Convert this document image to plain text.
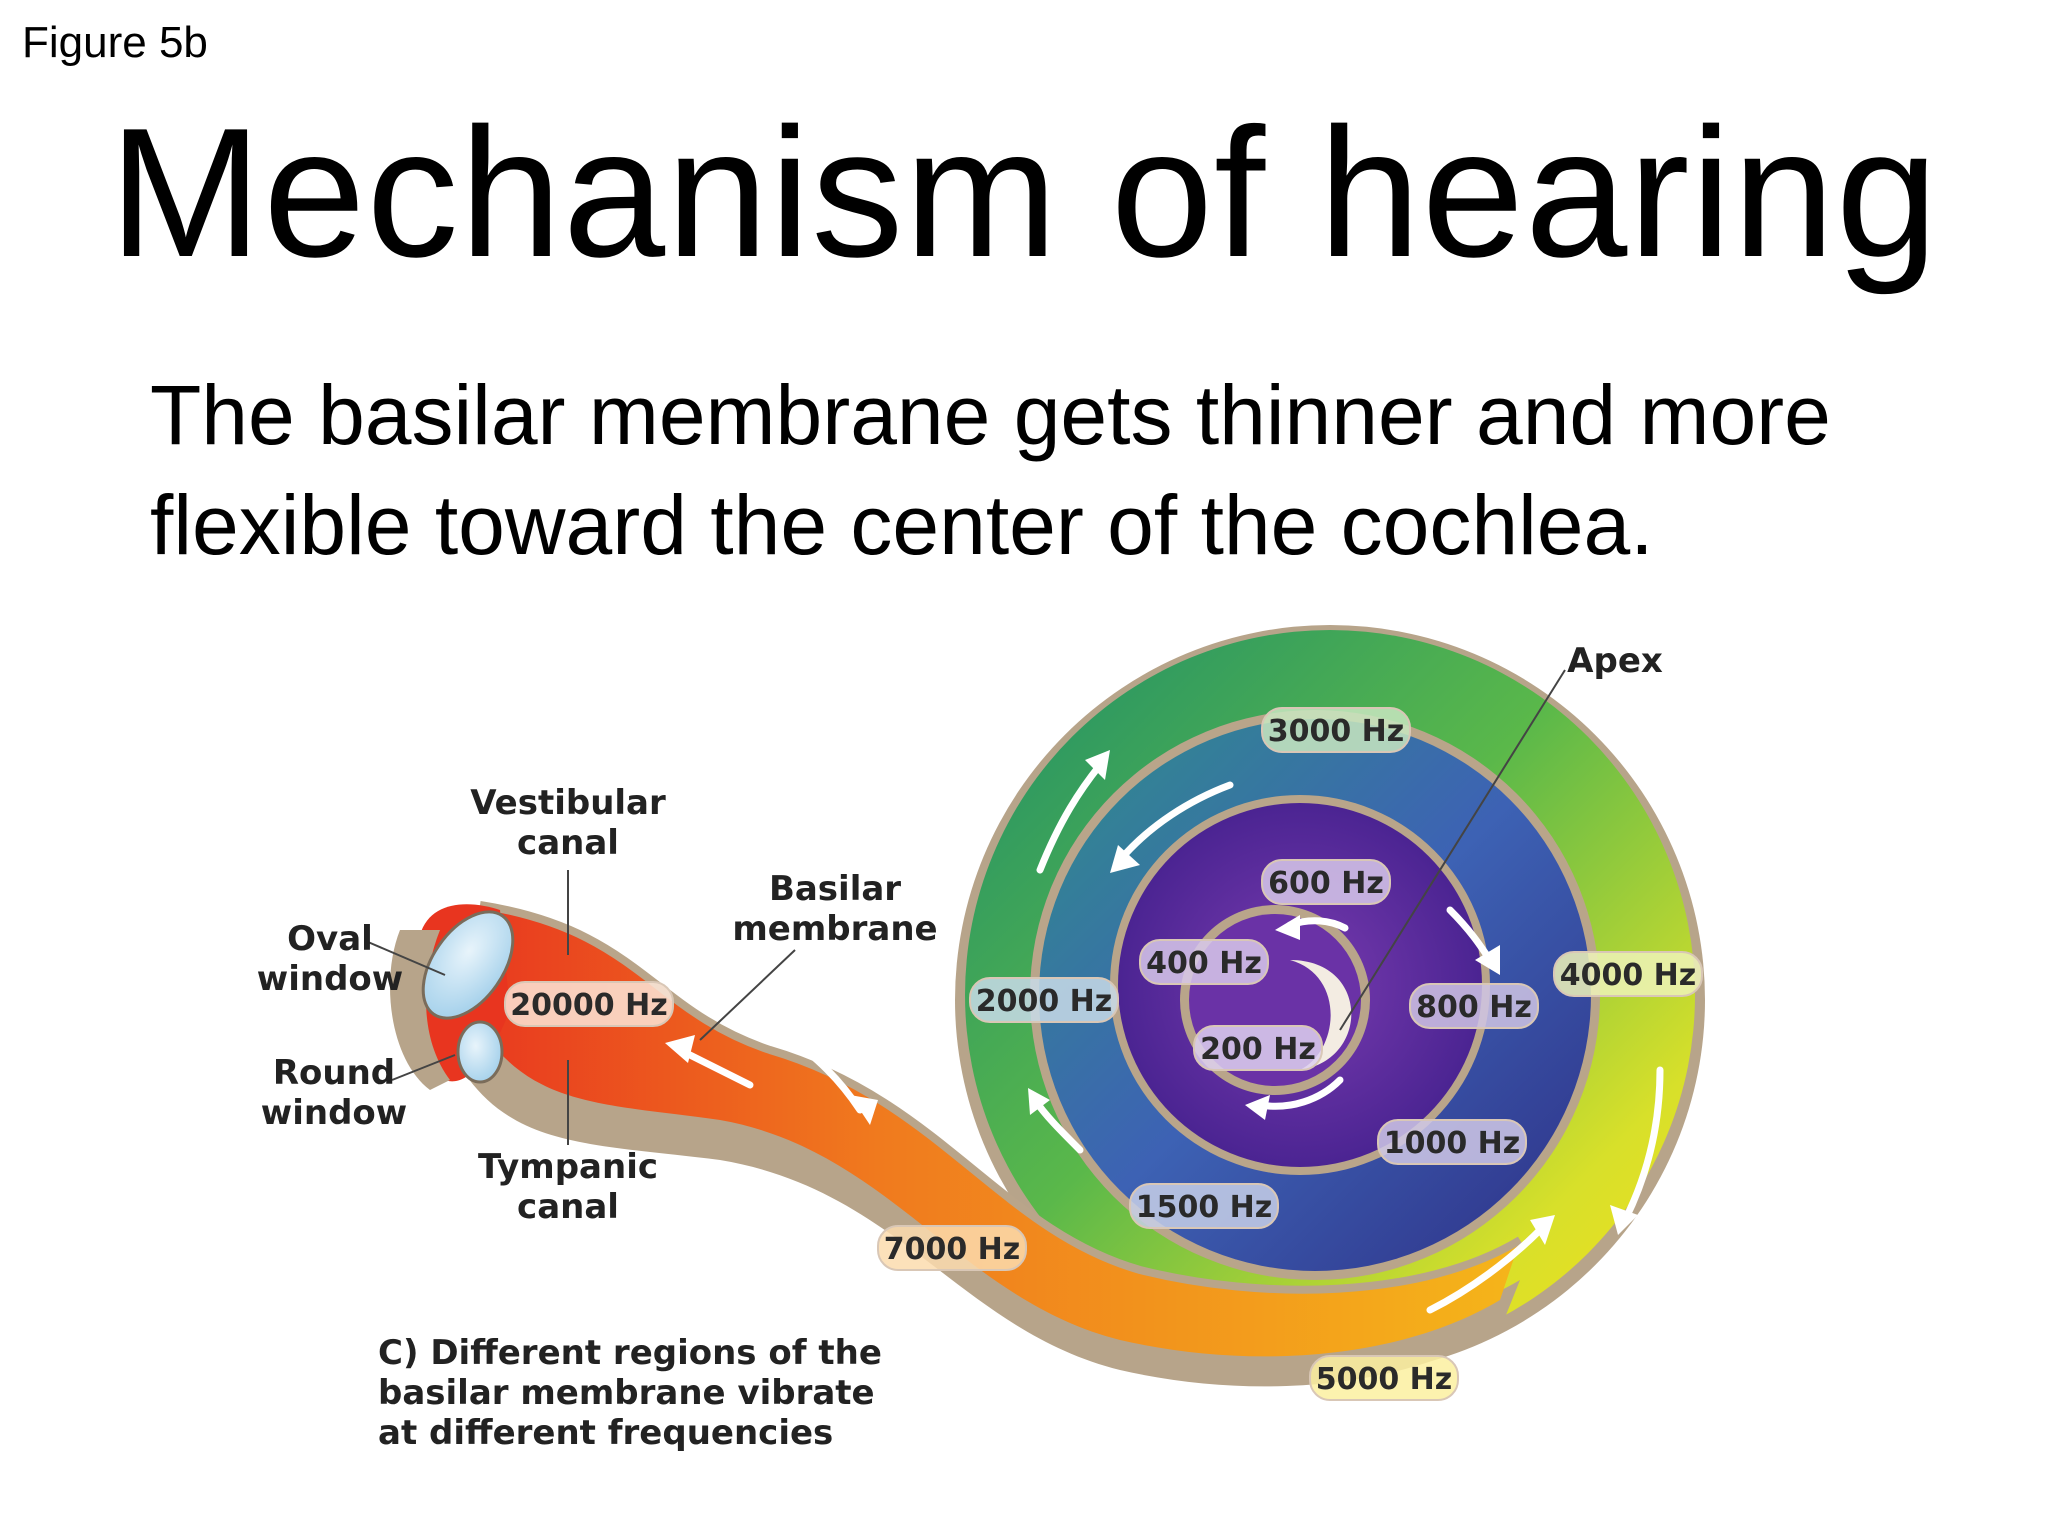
Figure 5b
Mechanism of hearing
The basilar membrane gets thinner and more
flexible toward the center of the cochlea.
20000 Hz
7000 Hz
5000 Hz
4000 Hz
3000 Hz
2000 Hz
1500 Hz
1000 Hz
800 Hz
600 Hz
400 Hz
200 Hz
Apex
Vestibular
canal
Basilar
membrane
Oval
window
Round
window
Tympanic
canal
C) Different regions of the
basilar membrane vibrate
at different frequencies
